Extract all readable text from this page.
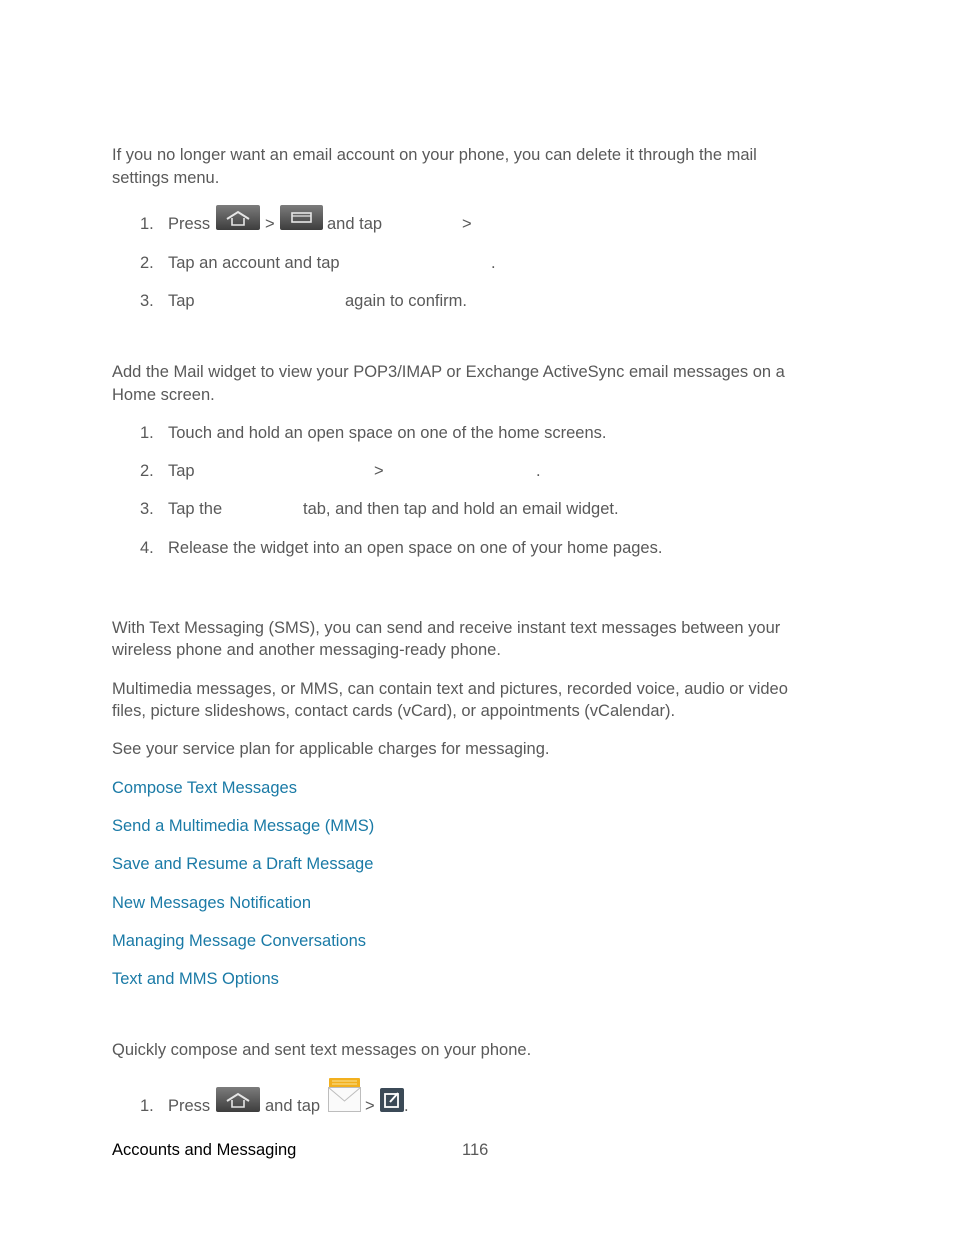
If you no longer want an email account on your phone, you can delete it through the mail
settings menu.
1. Press	>	and tap	>
2. Tap an account and tap	.
3. Tap	again to confirm.
Add the Mail widget to view your POP3/IMAP or Exchange ActiveSync email messages on a
Home screen.
1. Touch and hold an open space on one of the home screens.
2. Tap	>	.
3. Tap the	tab, and then tap and hold an email widget.
4. Release the widget into an open space on one of your home pages.
With Text Messaging (SMS), you can send and receive instant text messages between your
wireless phone and another messaging-ready phone.
Multimedia messages, or MMS, can contain text and pictures, recorded voice, audio or video
files, picture slideshows, contact cards (vCard), or appointments (vCalendar).
See your service plan for applicable charges for messaging.
Compose Text Messages
Send a Multimedia Message (MMS)
Save and Resume a Draft Message
New Messages Notification
Managing Message Conversations
Text and MMS Options
Quickly compose and sent text messages on your phone.
1. Press	and tap	> .
Accounts and Messaging	116
